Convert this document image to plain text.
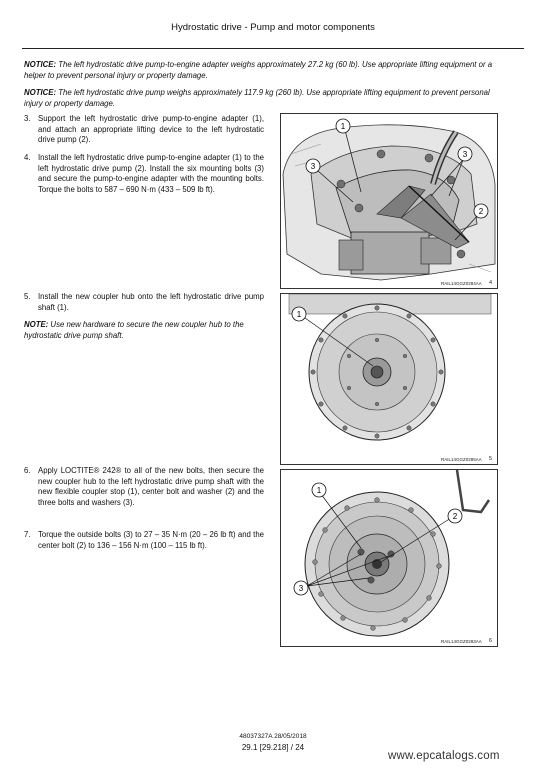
Hydrostatic drive - Pump and motor components
NOTICE: The left hydrostatic drive pump-to-engine adapter weighs approximately 27.2 kg (60 lb). Use appropriate lifting equipment or a helper to prevent personal injury or property damage.
NOTICE: The left hydrostatic drive pump weighs approximately 117.9 kg (260 lb). Use appropriate lifting equipment to prevent personal injury or property damage.
3. Support the left hydrostatic drive pump-to-engine adapter (1), and attach an appropriate lifting device to the left hydrostatic drive pump (2).
4. Install the left hydrostatic drive pump-to-engine adapter (1) to the left hydrostatic drive pump (2). Install the six mounting bolts (3) and secure the pump-to-engine adapter with the mounting bolts. Torque the bolts to 587 – 690 N·m (433 – 509 lb ft).
5. Install the new coupler hub onto the left hydrostatic drive pump shaft (1).
NOTE: Use new hardware to secure the new coupler hub to the hydrostatic drive pump shaft.
6. Apply LOCTITE® 242® to all of the new bolts, then secure the new coupler hub to the left hydrostatic drive pump shaft with the new flexible coupler stop (1), center bolt and washer (2) and the three bolts and washers (3).
7. Torque the outside bolts (3) to 27 – 35 N·m (20 – 26 lb ft) and the center bolt (2) to 136 – 156 N·m (100 – 115 lb ft).
1
2
3
3
RAIL14GGZ0284AA 4
1
RAIL14GGZ0285AA 5
1
2
3
RAIL14GGZ0283AA 6
48037327A 28/05/2018
29.1 [29.218] / 24
www.epcatalogs.com
